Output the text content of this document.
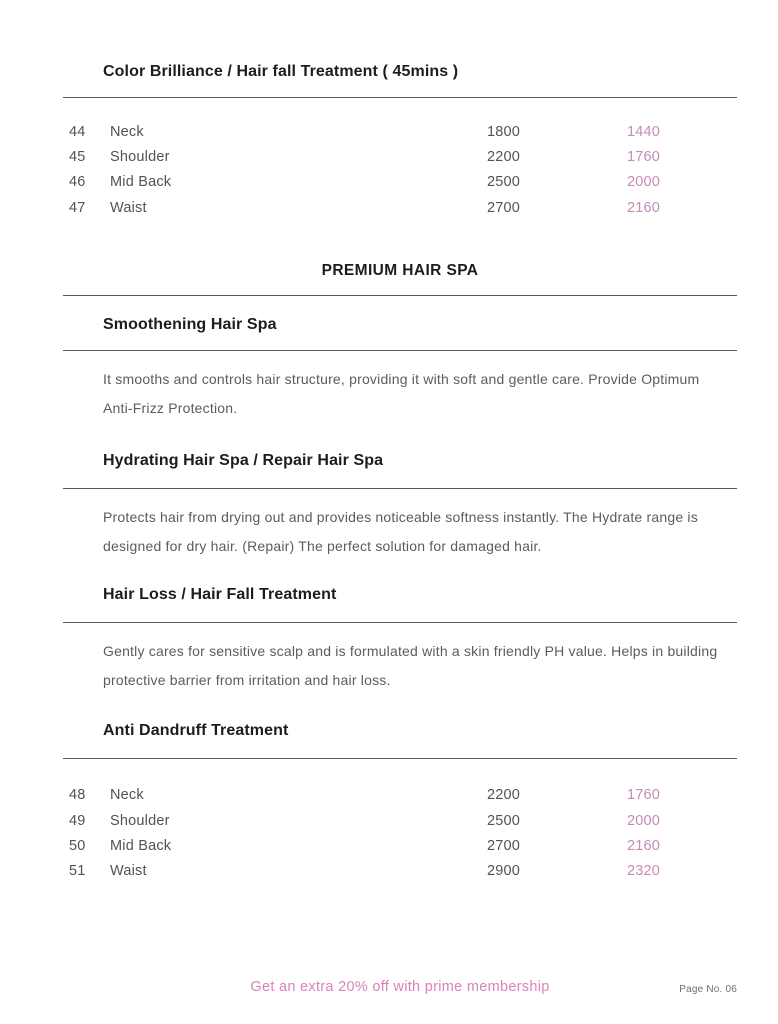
Color Brilliance / Hair fall Treatment ( 45mins )
44 Neck	1800	1440
45 Shoulder	2200	1760
46 Mid Back	2500	2000
47 Waist	2700	2160
PREMIUM HAIR SPA
Smoothening Hair Spa
It smooths and controls hair structure, providing it with soft and gentle care. Provide Optimum
Anti-Frizz Protection.
Hydrating Hair Spa / Repair Hair Spa
Protects hair from drying out and provides noticeable softness instantly. The Hydrate range is
designed for dry hair. (Repair) The perfect solution for damaged hair.
Hair Loss / Hair Fall Treatment
Gently cares for sensitive scalp and is formulated with a skin friendly PH value. Helps in building
protective barrier from irritation and hair loss.
Anti Dandruff Treatment
48 Neck	2200	1760
49 Shoulder	2500	2000
50 Mid Back	2700	2160
51 Waist	2900	2320
Get an extra 20% off with prime membership	Page No. 06
